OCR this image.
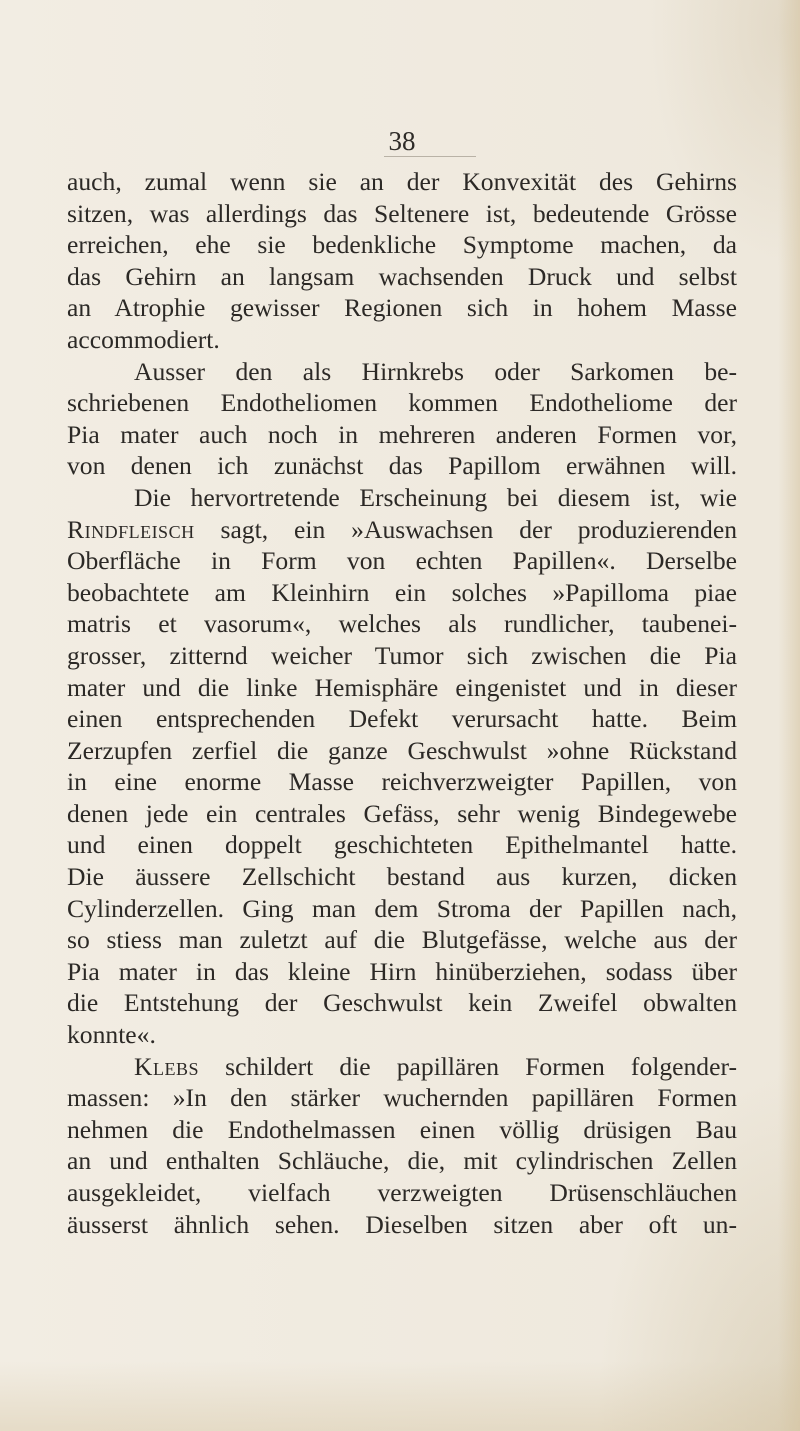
38
auch, zumal wenn sie an der Konvexität des Gehirns
sitzen, was allerdings das Seltenere ist, bedeutende Grösse
erreichen, ehe sie bedenkliche Symptome machen, da
das Gehirn an langsam wachsenden Druck und selbst
an Atrophie gewisser Regionen sich in hohem Masse
accommodiert.
Ausser den als Hirnkrebs oder Sarkomen be-
schriebenen Endotheliomen kommen Endotheliome der
Pia mater auch noch in mehreren anderen Formen vor,
von denen ich zunächst das Papillom erwähnen will.
Die hervortretende Erscheinung bei diesem ist, wie
Rindfleisch sagt, ein »Auswachsen der produzierenden
Oberfläche in Form von echten Papillen«. Derselbe
beobachtete am Kleinhirn ein solches »Papilloma piae
matris et vasorum«, welches als rundlicher, taubenei-
grosser, zitternd weicher Tumor sich zwischen die Pia
mater und die linke Hemisphäre eingenistet und in dieser
einen entsprechenden Defekt verursacht hatte. Beim
Zerzupfen zerfiel die ganze Geschwulst »ohne Rückstand
in eine enorme Masse reichverzweigter Papillen, von
denen jede ein centrales Gefäss, sehr wenig Bindegewebe
und einen doppelt geschichteten Epithelmantel hatte.
Die äussere Zellschicht bestand aus kurzen, dicken
Cylinderzellen. Ging man dem Stroma der Papillen nach,
so stiess man zuletzt auf die Blutgefässe, welche aus der
Pia mater in das kleine Hirn hinüberziehen, sodass über
die Entstehung der Geschwulst kein Zweifel obwalten
konnte«.
Klebs schildert die papillären Formen folgender-
massen: »In den stärker wuchernden papillären Formen
nehmen die Endothelmassen einen völlig drüsigen Bau
an und enthalten Schläuche, die, mit cylindrischen Zellen
ausgekleidet, vielfach verzweigten Drüsenschläuchen
äusserst ähnlich sehen. Dieselben sitzen aber oft un-
